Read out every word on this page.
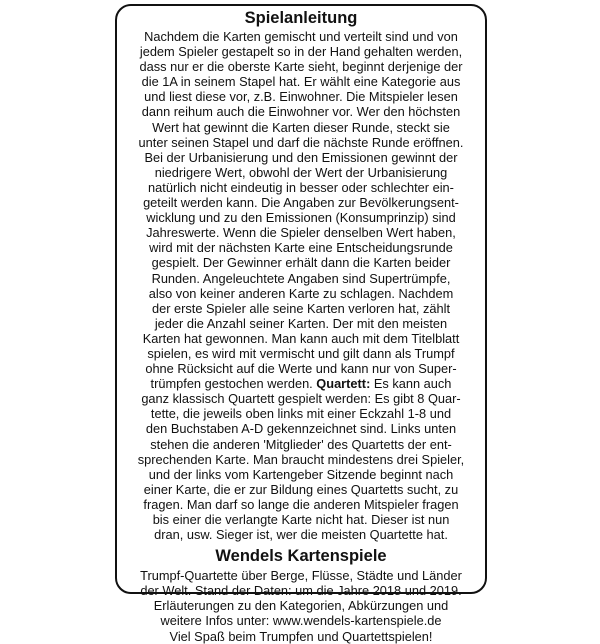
Spielanleitung
Nachdem die Karten gemischt und verteilt sind und von
jedem Spieler gestapelt so in der Hand gehalten werden,
dass nur er die oberste Karte sieht, beginnt derjenige der
die 1A in seinem Stapel hat. Er wählt eine Kategorie aus
und liest diese vor, z.B. Einwohner. Die Mitspieler lesen
dann reihum auch die Einwohner vor. Wer den höchsten
Wert hat gewinnt die Karten dieser Runde, steckt sie
unter seinen Stapel und darf die nächste Runde eröffnen.
Bei der Urbanisierung und den Emissionen gewinnt der
niedrigere Wert, obwohl der Wert der Urbanisierung
natürlich nicht eindeutig in besser oder schlechter ein-
geteilt werden kann. Die Angaben zur Bevölkerungsent-
wicklung und zu den Emissionen (Konsumprinzip) sind
Jahreswerte. Wenn die Spieler denselben Wert haben,
wird mit der nächsten Karte eine Entscheidungsrunde
gespielt. Der Gewinner erhält dann die Karten beider
Runden. Angeleuchtete Angaben sind Supertrümpfe,
also von keiner anderen Karte zu schlagen. Nachdem
der erste Spieler alle seine Karten verloren hat, zählt
jeder die Anzahl seiner Karten. Der mit den meisten
Karten hat gewonnen. Man kann auch mit dem Titelblatt
spielen, es wird mit vermischt und gilt dann als Trumpf
ohne Rücksicht auf die Werte und kann nur von Super-
trümpfen gestochen werden. Quartett: Es kann auch
ganz klassisch Quartett gespielt werden: Es gibt 8 Quar-
tette, die jeweils oben links mit einer Eckzahl 1-8 und
den Buchstaben A-D gekennzeichnet sind. Links unten
stehen die anderen 'Mitglieder' des Quartetts der ent-
sprechenden Karte. Man braucht mindestens drei Spieler,
und der links vom Kartengeber Sitzende beginnt nach
einer Karte, die er zur Bildung eines Quartetts sucht, zu
fragen. Man darf so lange die anderen Mitspieler fragen
bis einer die verlangte Karte nicht hat. Dieser ist nun
dran, usw. Sieger ist, wer die meisten Quartette hat.
Wendels Kartenspiele
Trumpf-Quartette über Berge, Flüsse, Städte und Länder
der Welt. Stand der Daten: um die Jahre 2018 und 2019.
Erläuterungen zu den Kategorien, Abkürzungen und
weitere Infos unter: www.wendels-kartenspiele.de
Viel Spaß beim Trumpfen und Quartettspielen!
